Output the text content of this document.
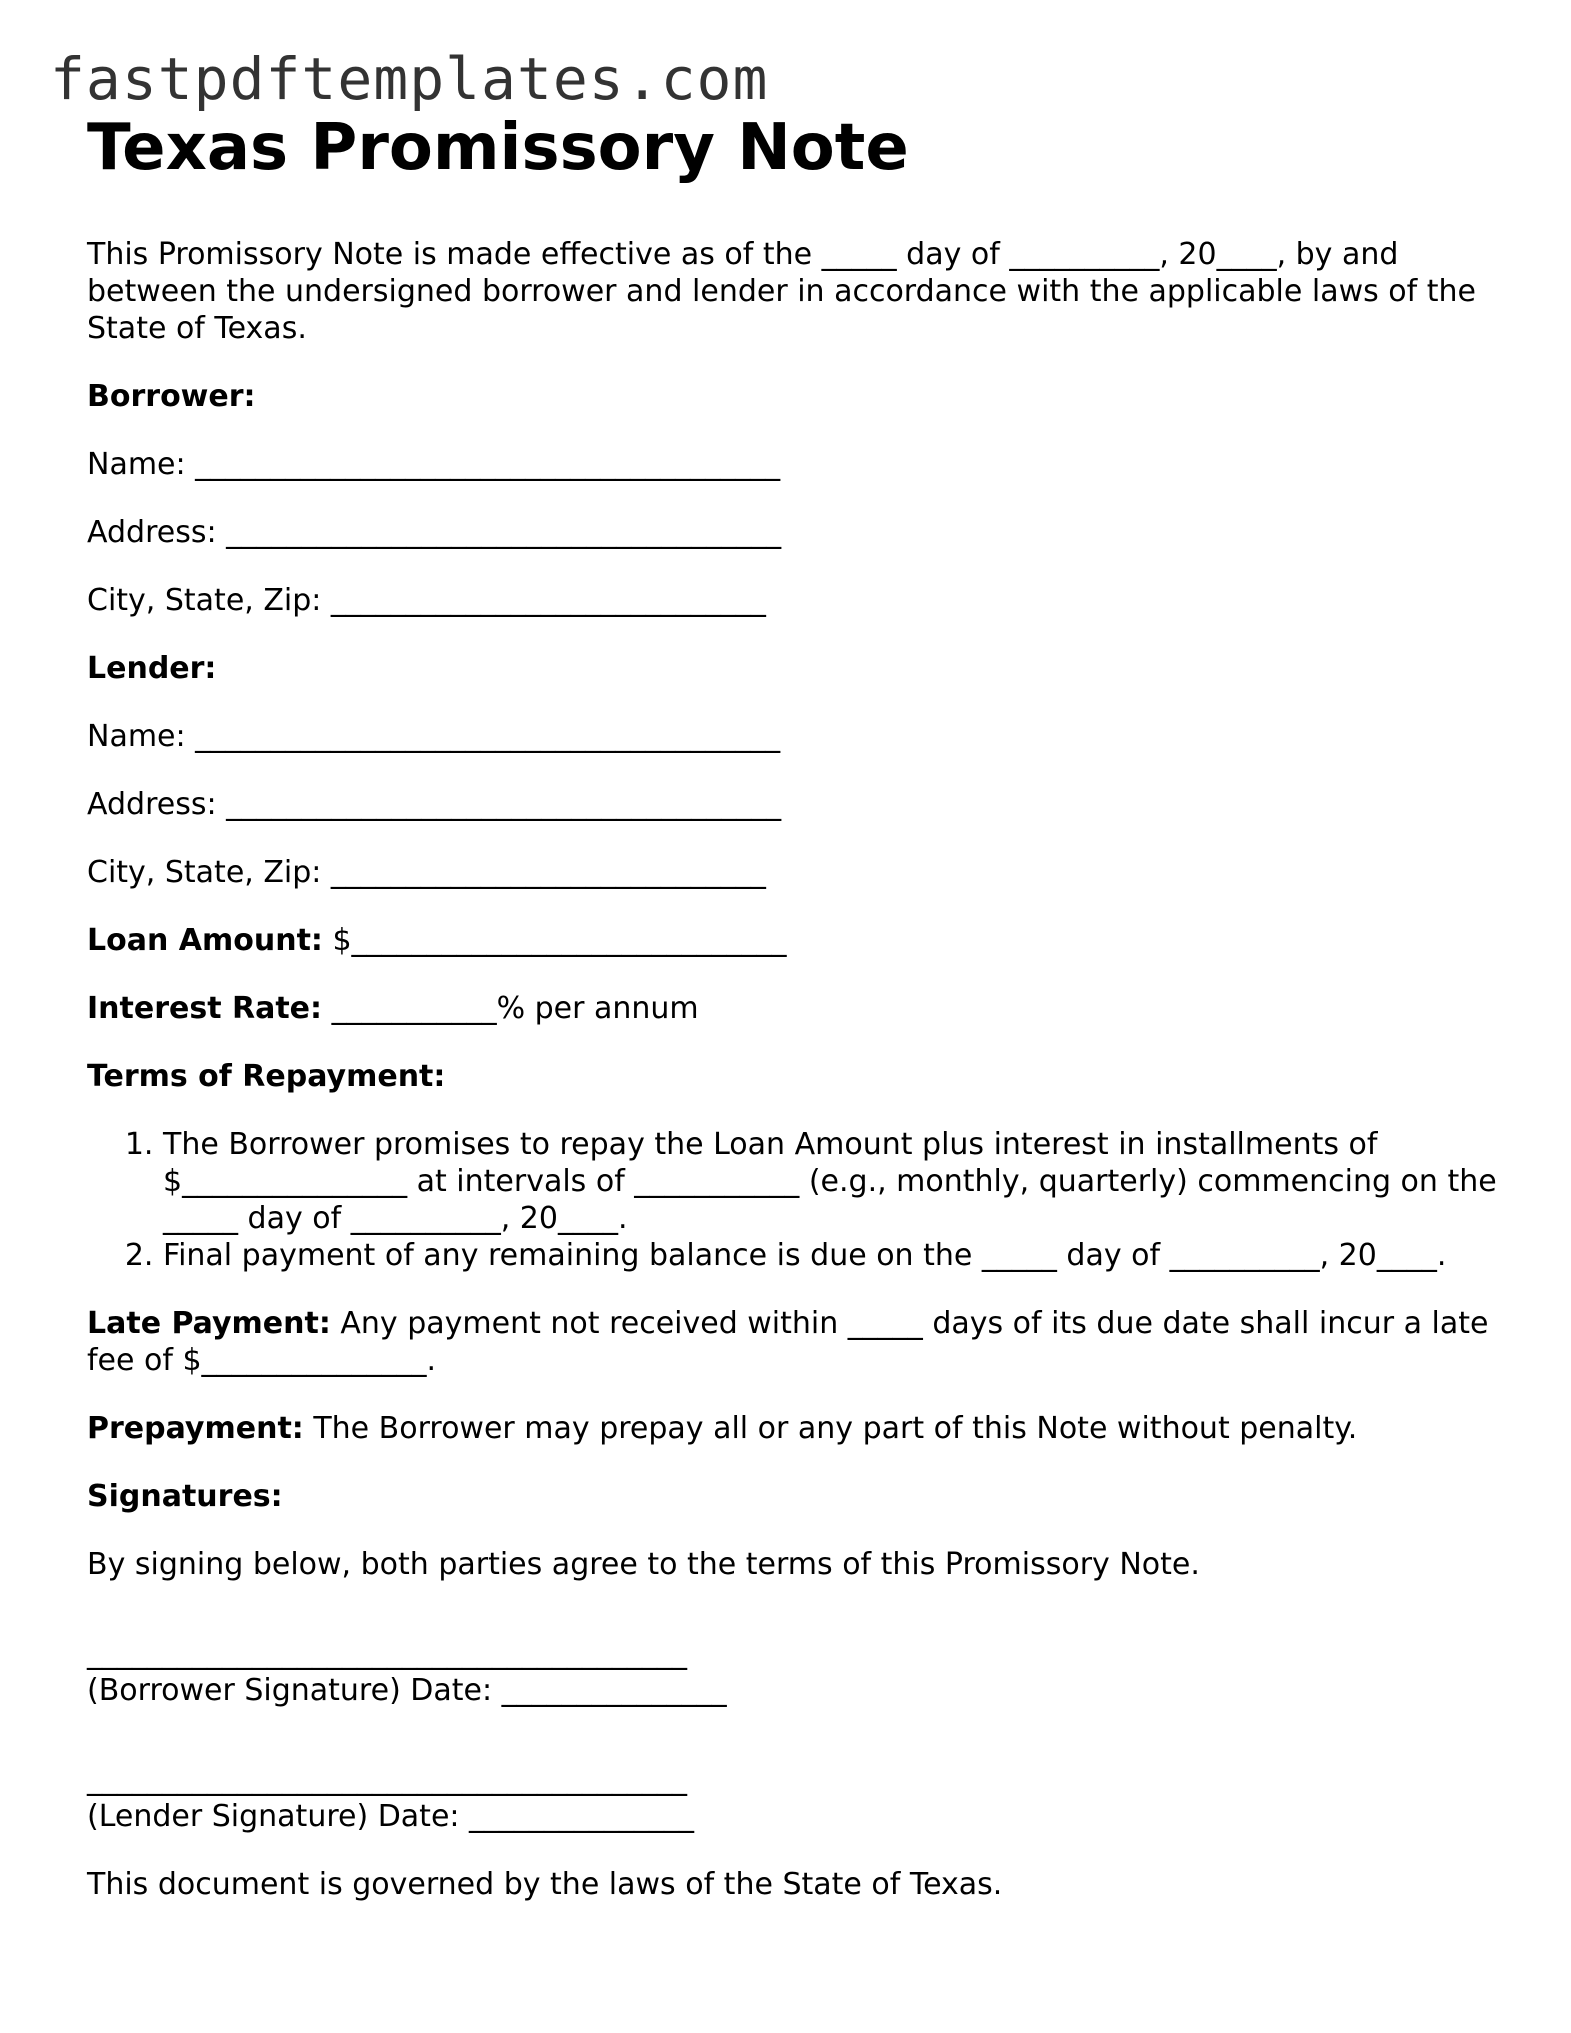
fastpdftemplates.com
Texas Promissory Note

This Promissory Note is made effective as of the _____ day of __________, 20____, by and between the undersigned borrower and lender in accordance with the applicable laws of the State of Texas.

Borrower:

Name: _______________________________________

Address: _____________________________________

City, State, Zip: _____________________________

Lender:

Name: _______________________________________

Address: _____________________________________

City, State, Zip: _____________________________

Loan Amount: $_____________________________

Interest Rate: ___________% per annum

Terms of Repayment:

1. The Borrower promises to repay the Loan Amount plus interest in installments of $_______________ at intervals of ___________ (e.g., monthly, quarterly) commencing on the _____ day of __________, 20____.
2. Final payment of any remaining balance is due on the _____ day of __________, 20____.

Late Payment: Any payment not received within _____ days of its due date shall incur a late fee of $_______________.

Prepayment: The Borrower may prepay all or any part of this Note without penalty.

Signatures:

By signing below, both parties agree to the terms of this Promissory Note.

________________________________________
(Borrower Signature) Date: _______________
________________________________________
(Lender Signature) Date: _______________

This document is governed by the laws of the State of Texas.
